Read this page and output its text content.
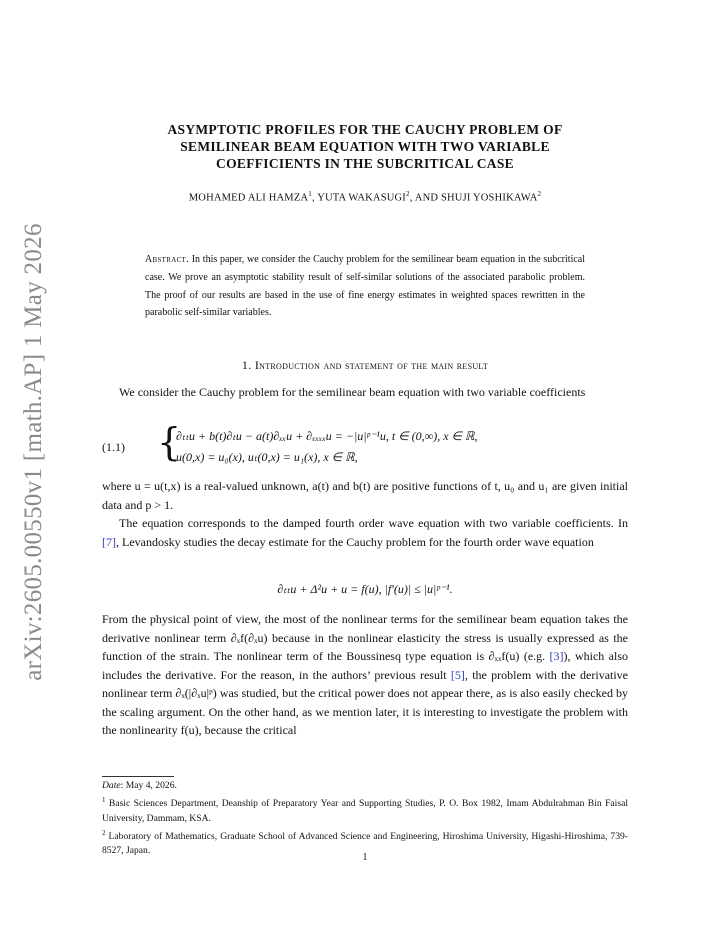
arXiv:2605.00550v1 [math.AP] 1 May 2026
ASYMPTOTIC PROFILES FOR THE CAUCHY PROBLEM OF
SEMILINEAR BEAM EQUATION WITH TWO VARIABLE
COEFFICIENTS IN THE SUBCRITICAL CASE
MOHAMED ALI HAMZA$^1$, YUTA WAKASUGI$^2$, AND SHUJI YOSHIKAWA$^2$
Abstract. In this paper, we consider the Cauchy problem for the semilinear beam equation in the subcritical case. We prove an asymptotic stability result of self-similar solutions of the associated parabolic problem. The proof of our results are based in the use of fine energy estimates in weighted spaces rewritten in the parabolic self-similar variables.
1. Introduction and statement of the main result
We consider the Cauchy problem for the semilinear beam equation with two variable coefficients
(1.1) {
∂ₜₜu + b(t)∂ₜu − a(t)∂ₓₓu + ∂ₓₓₓₓu = −|u|ᵖ⁻¹u, t ∈ (0,∞), x ∈ ℝ,
u(0,x) = u₀(x), uₜ(0,x) = u₁(x), x ∈ ℝ,
where u = u(t,x) is a real-valued unknown, a(t) and b(t) are positive functions of t, u₀ and u₁ are given initial data and p > 1.
The equation corresponds to the damped fourth order wave equation with two variable coefficients. In [7], Levandosky studies the decay estimate for the Cauchy problem for the fourth order wave equation
∂ₜₜu + Δ²u + u = f(u), |f′(u)| ≤ |u|ᵖ⁻¹.
From the physical point of view, the most of the nonlinear terms for the semilinear beam equation takes the derivative nonlinear term ∂ₓf(∂ₓu) because in the nonlinear elasticity the stress is usually expressed as the function of the strain. The nonlinear term of the Boussinesq type equation is ∂ₓₓf(u) (e.g. [3]), which also includes the derivative. For the reason, in the authors’ previous result [5], the problem with the derivative nonlinear term ∂ₓ(|∂ₓu|ᵖ) was studied, but the critical power does not appear there, as is also easily checked by the scaling argument. On the other hand, as we mention later, it is interesting to investigate the problem with the nonlinearity f(u), because the critical

Date: May 4, 2026.

$^1$ Basic Sciences Department, Deanship of Preparatory Year and Supporting Studies, P. O. Box 1982, Imam Abdulrahman Bin Faisal University, Dammam, KSA.

$^2$ Laboratory of Mathematics, Graduate School of Advanced Science and Engineering, Hiroshima University, Higashi-Hiroshima, 739-8527, Japan.

1
